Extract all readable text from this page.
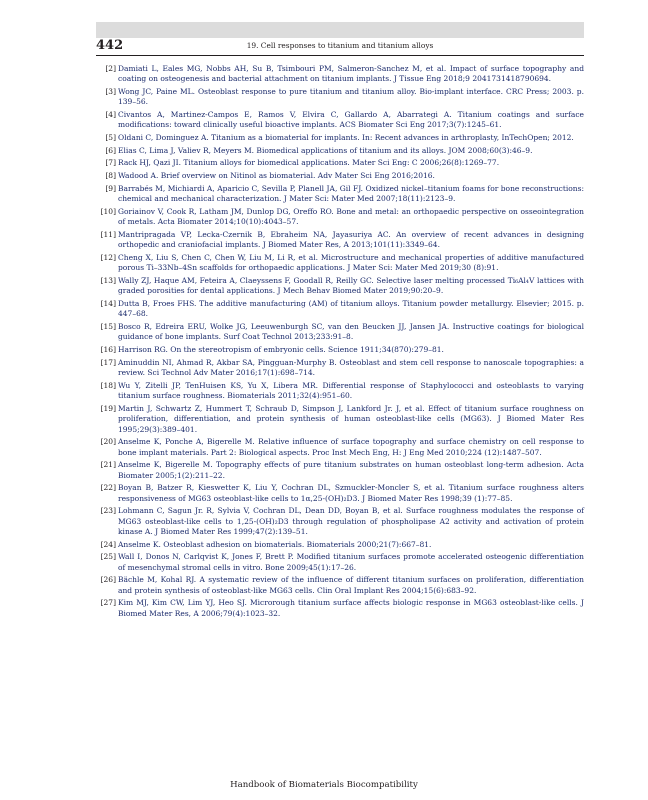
442	19. Cell responses to titanium and titanium alloys
[2] Damiati L, Eales MG, Nobbs AH, Su B, Tsimbouri PM, Salmeron-Sanchez M, et al. Impact of surface topography and coating on osteogenesis and bacterial attachment on titanium implants. J Tissue Eng 2018;9 2041731418790694.
[3] Wong JC, Paine ML. Osteoblast response to pure titanium and titanium alloy. Bio-implant interface. CRC Press; 2003. p. 139–56.
[4] Civantos A, Martinez-Campos E, Ramos V, Elvira C, Gallardo A, Abarrategi A. Titanium coatings and surface modifications: toward clinically useful bioactive implants. ACS Biomater Sci Eng 2017;3(7):1245–61.
[5] Oldani C, Dominguez A. Titanium as a biomaterial for implants. In: Recent advances in arthroplasty, InTechOpen; 2012.
[6] Elias C, Lima J, Valiev R, Meyers M. Biomedical applications of titanium and its alloys. JOM 2008;60(3):46–9.
[7] Rack HJ, Qazi JI. Titanium alloys for biomedical applications. Mater Sci Eng: C 2006;26(8):1269–77.
[8] Wadood A. Brief overview on Nitinol as biomaterial. Adv Mater Sci Eng 2016;2016.
[9] Barrabés M, Michiardi A, Aparicio C, Sevilla P, Planell JA, Gil FJ. Oxidized nickel–titanium foams for bone reconstructions: chemical and mechanical characterization. J Mater Sci: Mater Med 2007;18(11):2123–9.
[10] Goriainov V, Cook R, Latham JM, Dunlop DG, Oreffo RO. Bone and metal: an orthopaedic perspective on osseointegration of metals. Acta Biomater 2014;10(10):4043–57.
[11] Mantripragada VP, Lecka-Czernik B, Ebraheim NA, Jayasuriya AC. An overview of recent advances in designing orthopedic and craniofacial implants. J Biomed Mater Res, A 2013;101(11):3349–64.
[12] Cheng X, Liu S, Chen C, Chen W, Liu M, Li R, et al. Microstructure and mechanical properties of additive manufactured porous Ti–33Nb–4Sn scaffolds for orthopaedic applications. J Mater Sci: Mater Med 2019;30 (8):91.
[13] Wally ZJ, Haque AM, Feteira A, Claeyssens F, Goodall R, Reilly GC. Selective laser melting processed Ti₆Al₄V lattices with graded porosities for dental applications. J Mech Behav Biomed Mater 2019;90:20–9.
[14] Dutta B, Froes FHS. The additive manufacturing (AM) of titanium alloys. Titanium powder metallurgy. Elsevier; 2015. p. 447–68.
[15] Bosco R, Edreira ERU, Wolke JG, Leeuwenburgh SC, van den Beucken JJ, Jansen JA. Instructive coatings for biological guidance of bone implants. Surf Coat Technol 2013;233:91–8.
[16] Harrison RG. On the stereotropism of embryonic cells. Science 1911;34(870):279–81.
[17] Aminuddin NI, Ahmad R, Akbar SA, Pingguan-Murphy B. Osteoblast and stem cell response to nanoscale topographies: a review. Sci Technol Adv Mater 2016;17(1):698–714.
[18] Wu Y, Zitelli JP, TenHuisen KS, Yu X, Libera MR. Differential response of Staphylococci and osteoblasts to varying titanium surface roughness. Biomaterials 2011;32(4):951–60.
[19] Martin J, Schwartz Z, Hummert T, Schraub D, Simpson J, Lankford Jr. J, et al. Effect of titanium surface roughness on proliferation, differentiation, and protein synthesis of human osteoblast-like cells (MG63). J Biomed Mater Res 1995;29(3):389–401.
[20] Anselme K, Ponche A, Bigerelle M. Relative influence of surface topography and surface chemistry on cell response to bone implant materials. Part 2: Biological aspects. Proc Inst Mech Eng, H: J Eng Med 2010;224 (12):1487–507.
[21] Anselme K, Bigerelle M. Topography effects of pure titanium substrates on human osteoblast long-term adhesion. Acta Biomater 2005;1(2):211–22.
[22] Boyan B, Batzer R, Kieswetter K, Liu Y, Cochran DL, Szmuckler-Moncler S, et al. Titanium surface roughness alters responsiveness of MG63 osteoblast-like cells to 1α,25-(OH)₂D3. J Biomed Mater Res 1998;39 (1):77–85.
[23] Lohmann C, Sagun Jr. R, Sylvia V, Cochran DL, Dean DD, Boyan B, et al. Surface roughness modulates the response of MG63 osteoblast-like cells to 1,25-(OH)₂D3 through regulation of phospholipase A2 activity and activation of protein kinase A. J Biomed Mater Res 1999;47(2):139–51.
[24] Anselme K. Osteoblast adhesion on biomaterials. Biomaterials 2000;21(7):667–81.
[25] Wall I, Donos N, Carlqvist K, Jones F, Brett P. Modified titanium surfaces promote accelerated osteogenic differentiation of mesenchymal stromal cells in vitro. Bone 2009;45(1):17–26.
[26] Bächle M, Kohal RJ. A systematic review of the influence of different titanium surfaces on proliferation, differentiation and protein synthesis of osteoblast-like MG63 cells. Clin Oral Implant Res 2004;15(6):683–92.
[27] Kim MJ, Kim CW, Lim YJ, Heo SJ. Microrough titanium surface affects biologic response in MG63 osteoblast-like cells. J Biomed Mater Res, A 2006;79(4):1023–32.
Handbook of Biomaterials Biocompatibility
